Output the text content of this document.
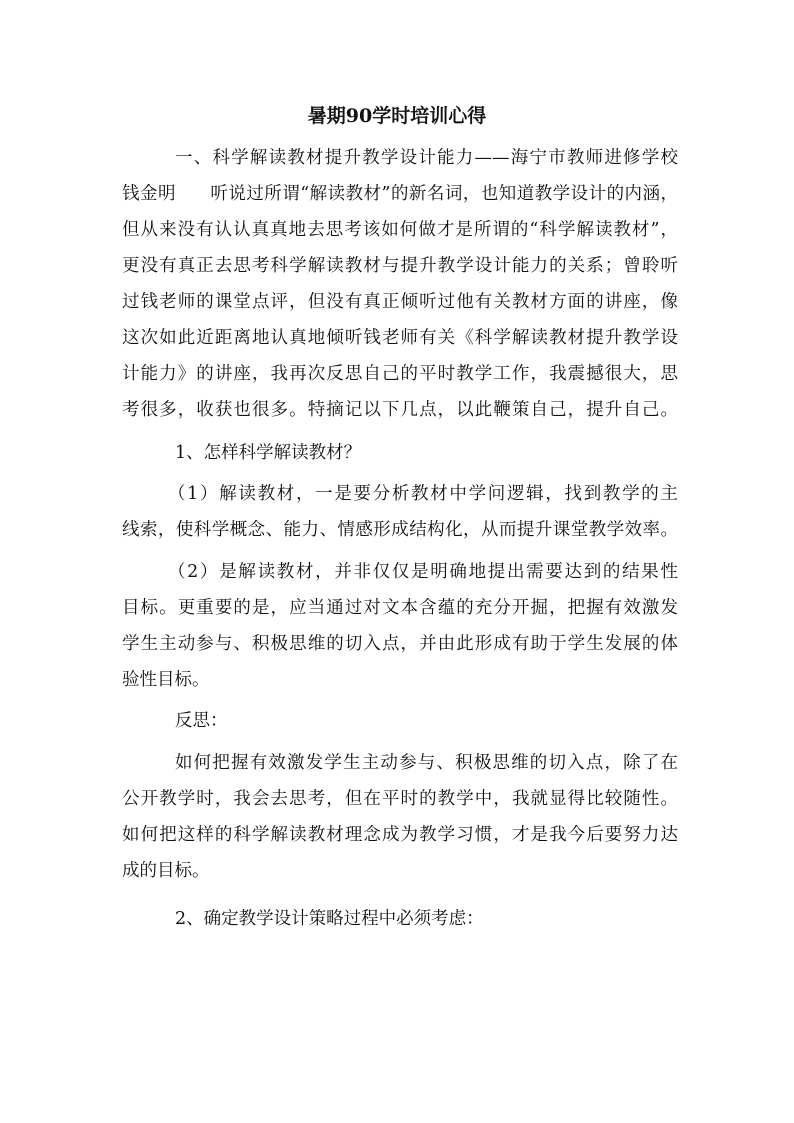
暑期90学时培训心得
一、科学解读教材提升教学设计能力——海宁市教师进修学校
钱金明 听说过所谓“解读教材”的新名词，也知道教学设计的内涵，
但从来没有认认真真地去思考该如何做才是所谓的“科学解读教材”，
更没有真正去思考科学解读教材与提升教学设计能力的关系；曾聆听
过钱老师的课堂点评，但没有真正倾听过他有关教材方面的讲座，像
这次如此近距离地认真地倾听钱老师有关《科学解读教材提升教学设
计能力》的讲座，我再次反思自己的平时教学工作，我震撼很大，思
考很多，收获也很多。特摘记以下几点，以此鞭策自己，提升自己。
1、怎样科学解读教材？
（1）解读教材，一是要分析教材中学问逻辑，找到教学的主
线索，使科学概念、能力、情感形成结构化，从而提升课堂教学效率。
（2）是解读教材，并非仅仅是明确地提出需要达到的结果性
目标。更重要的是，应当通过对文本含蕴的充分开掘，把握有效激发
学生主动参与、积极思维的切入点，并由此形成有助于学生发展的体
验性目标。
反思：
如何把握有效激发学生主动参与、积极思维的切入点，除了在
公开教学时，我会去思考，但在平时的教学中，我就显得比较随性。
如何把这样的科学解读教材理念成为教学习惯，才是我今后要努力达
成的目标。
2、确定教学设计策略过程中必须考虑：
